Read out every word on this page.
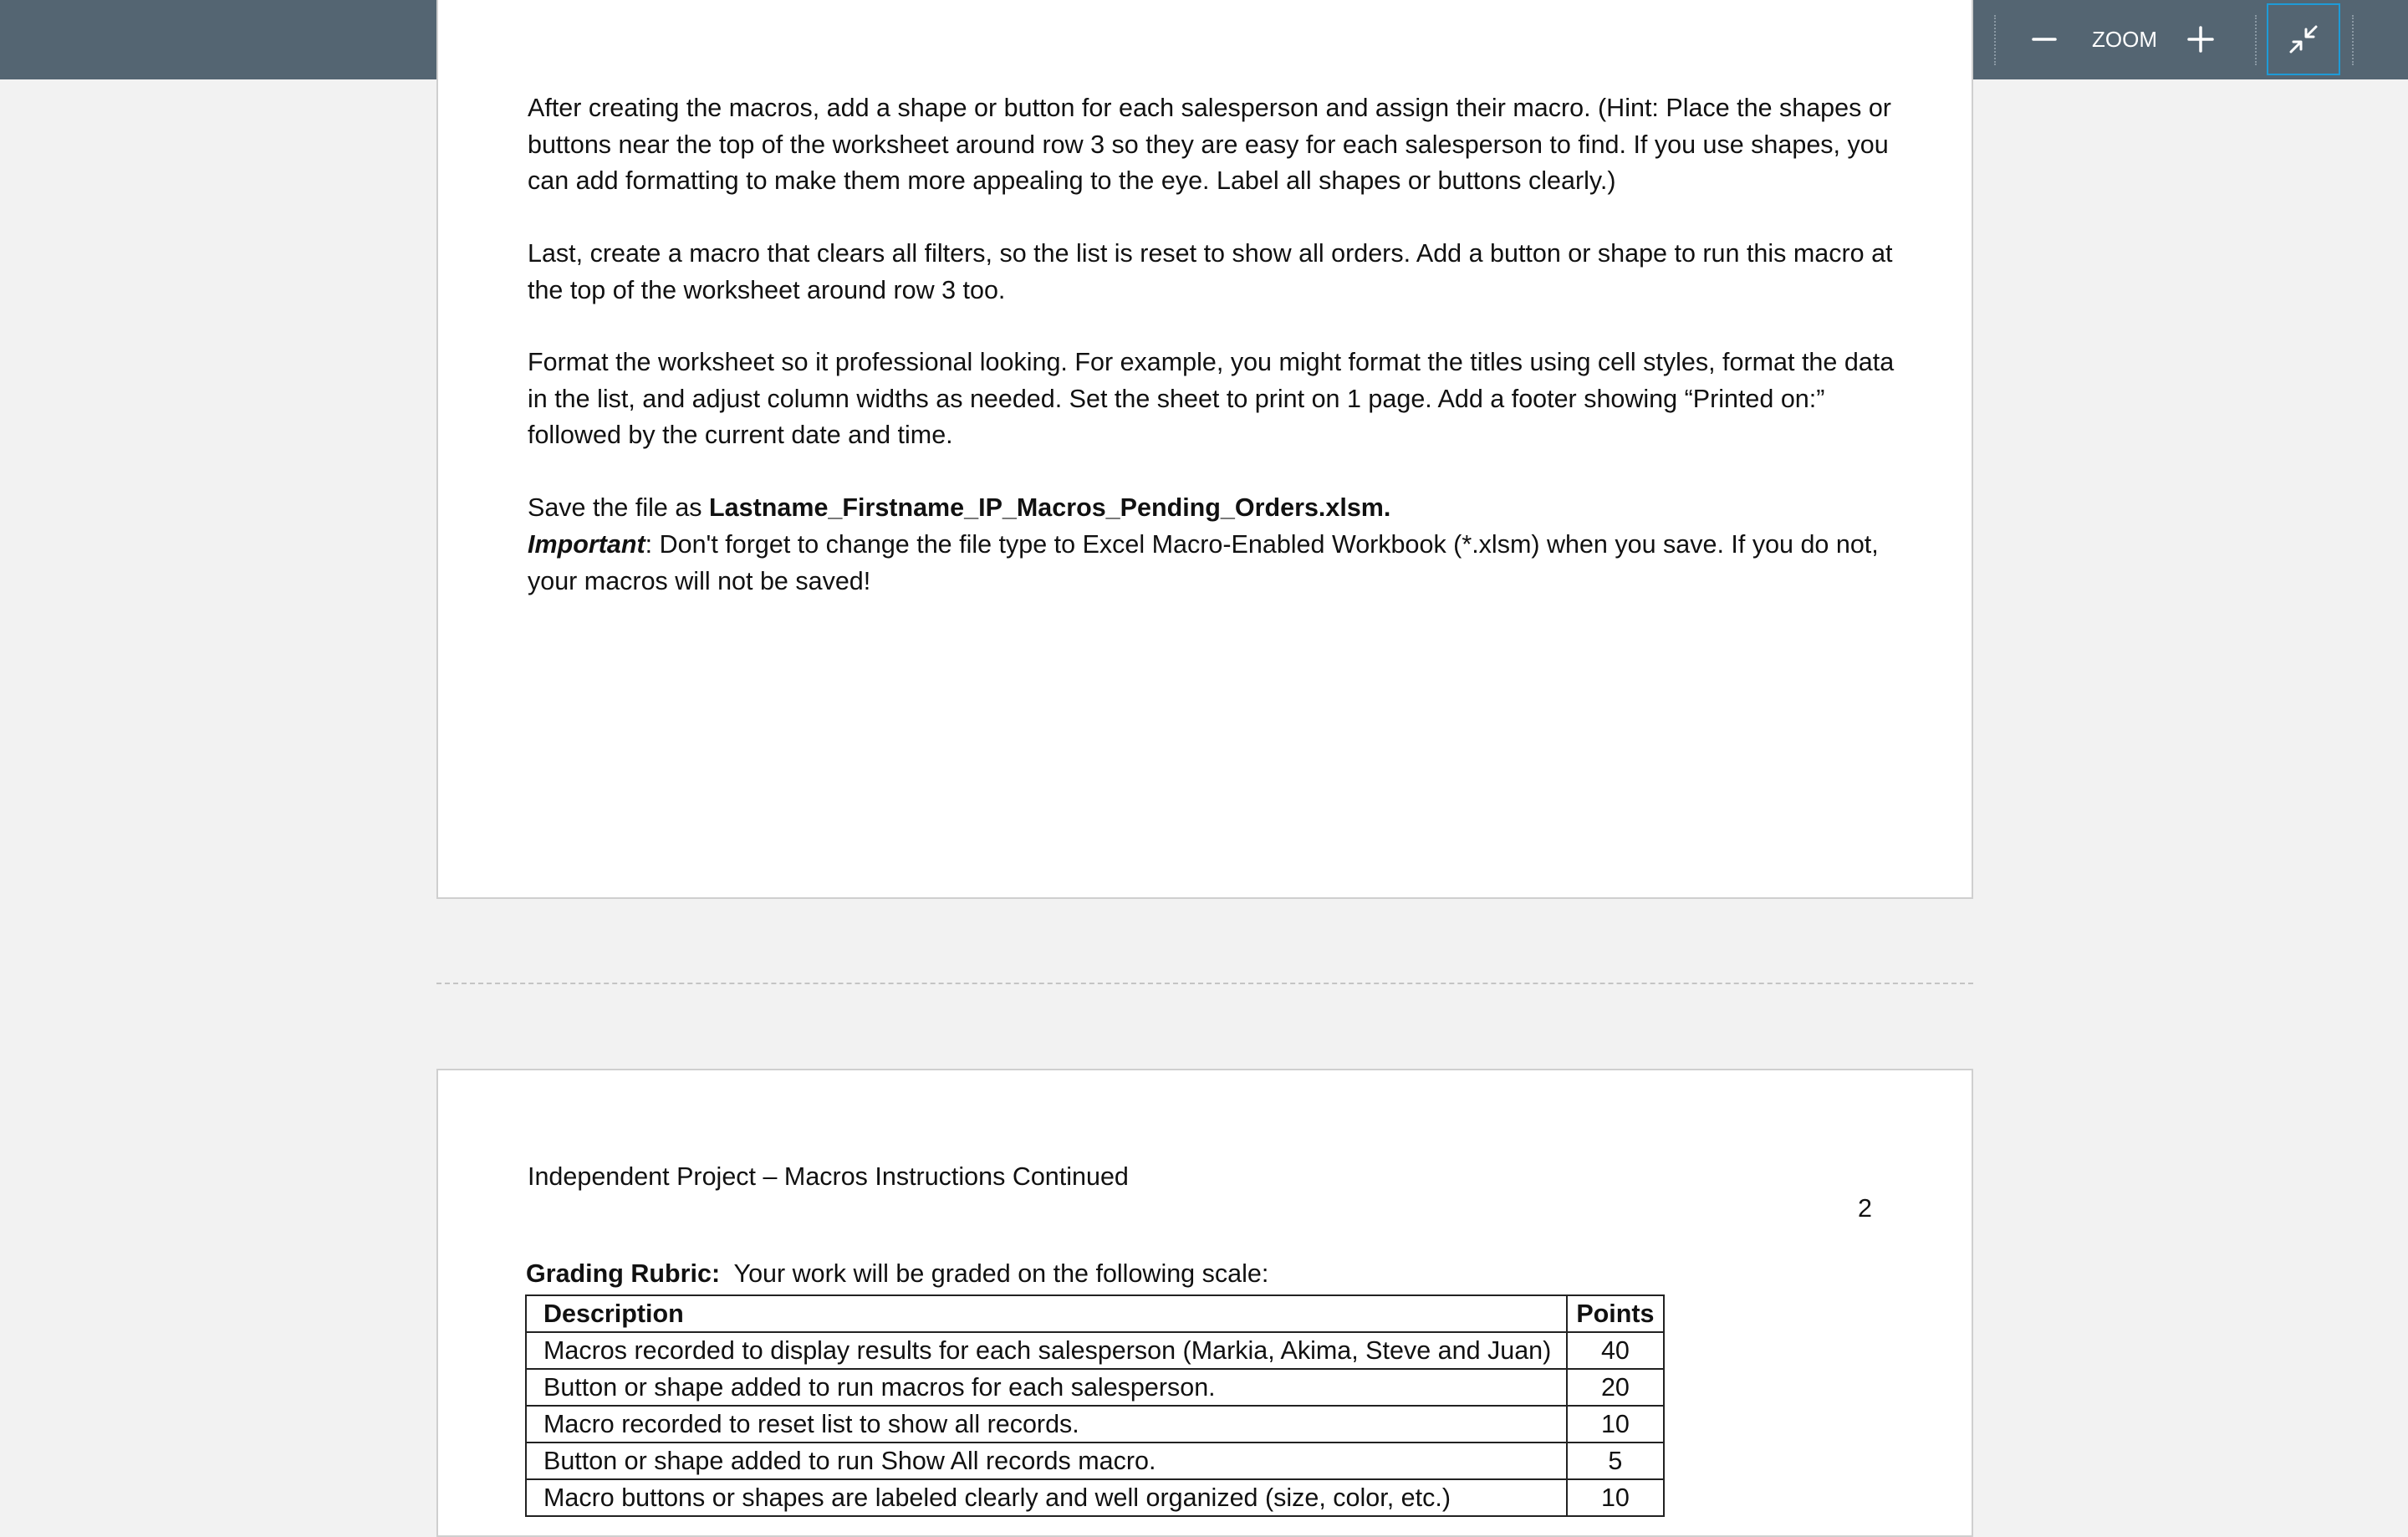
1
ZOOM
After creating the macros, add a shape or button for each salesperson and assign their macro. (Hint: Place the shapes or buttons near the top of the worksheet around row 3 so they are easy for each salesperson to find. If you use shapes, you can add formatting to make them more appealing to the eye. Label all shapes or buttons clearly.)
Last, create a macro that clears all filters, so the list is reset to show all orders. Add a button or shape to run this macro at the top of the worksheet around row 3 too.
Format the worksheet so it professional looking. For example, you might format the titles using cell styles, format the data in the list, and adjust column widths as needed. Set the sheet to print on 1 page. Add a footer showing “Printed on:” followed by the current date and time.
Save the file as Lastname_Firstname_IP_Macros_Pending_Orders.xlsm.
Important: Don't forget to change the file type to Excel Macro-Enabled Workbook (*.xlsm) when you save. If you do not, your macros will not be saved!
Independent Project – Macros Instructions Continued
2
Grading Rubric:  Your work will be graded on the following scale:
Description	Points
Macros recorded to display results for each salesperson (Markia, Akima, Steve and Juan)	40
Button or shape added to run macros for each salesperson.	20
Macro recorded to reset list to show all records.	10
Button or shape added to run Show All records macro.	5
Macro buttons or shapes are labeled clearly and well organized (size, color, etc.)	10
